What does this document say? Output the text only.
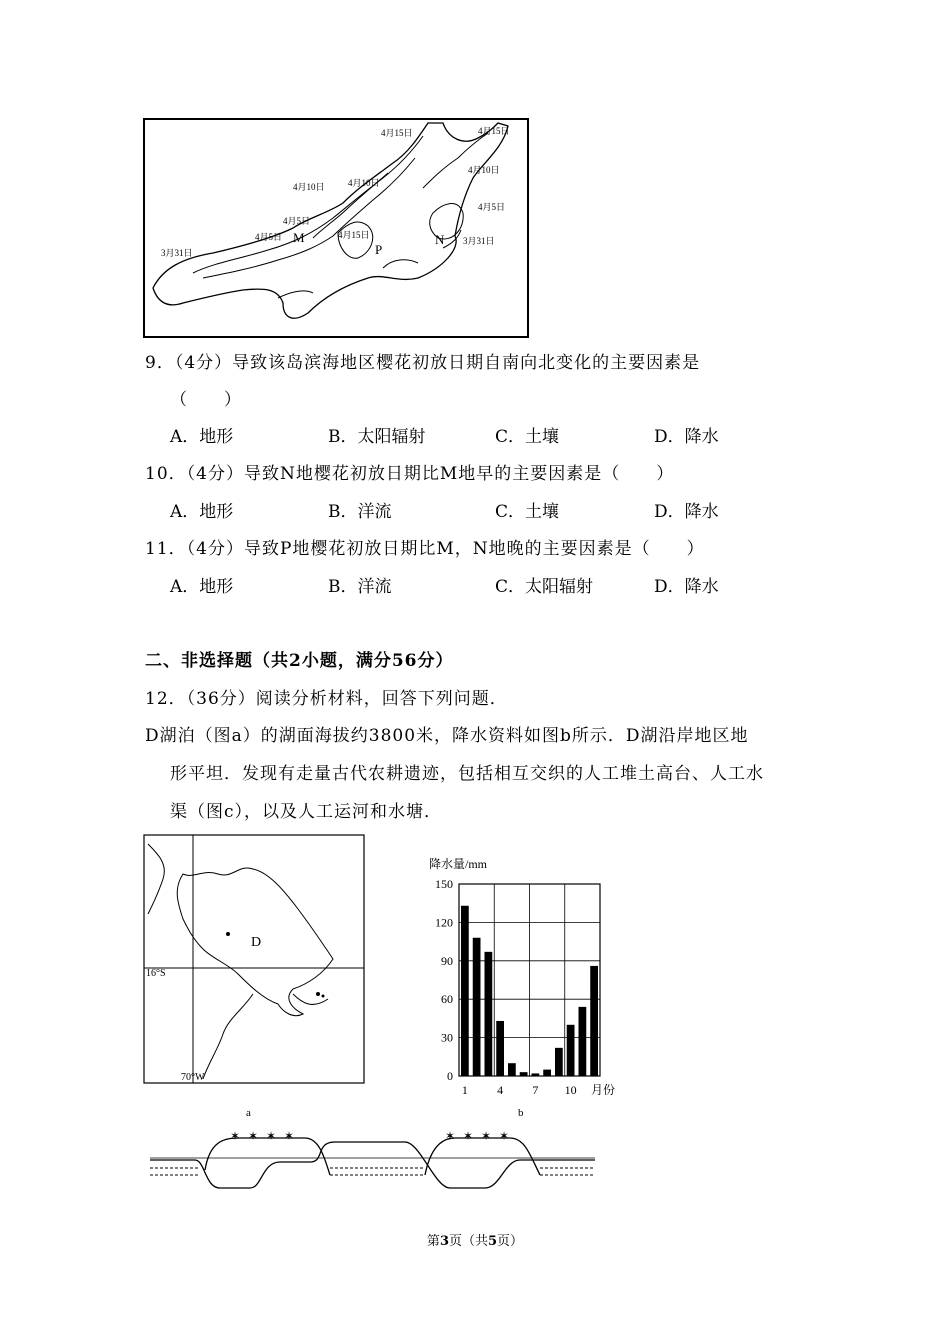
4月15日	4月15日
4月10日	4月10日
4月10日
4月5日
4月5日
4月5日
4月15日
3月31日
3月31日
M	N
P
9．（4分）导致该岛滨海地区樱花初放日期自南向北变化的主要因素是
（　　）
A．地形	B．太阳辐射	C．土壤	D．降水
10．（4分）导致N地樱花初放日期比M地早的主要因素是（　　）
A．地形	B．洋流	C．土壤	D．降水
11．（4分）导致P地樱花初放日期比M，N地晚的主要因素是（　　）
A．地形	B．洋流	C．太阳辐射	D．降水
二、非选择题（共2小题，满分56分）
12．（36分）阅读分析材料，回答下列问题．
D湖泊（图a）的湖面海拔约3800米，降水资料如图b所示．D湖沿岸地区地
形平坦．发现有走量古代农耕遗迹，包括相互交织的人工堆土高台、人工水
渠（图c），以及人工运河和水塘．
D
16°S
70°W
a
降水量/mm
0
30
60
90
120
150
1 4 7 10 月份
b
✶ ✶ ✶ ✶	✶ ✶ ✶ ✶
第3页（共5页）
